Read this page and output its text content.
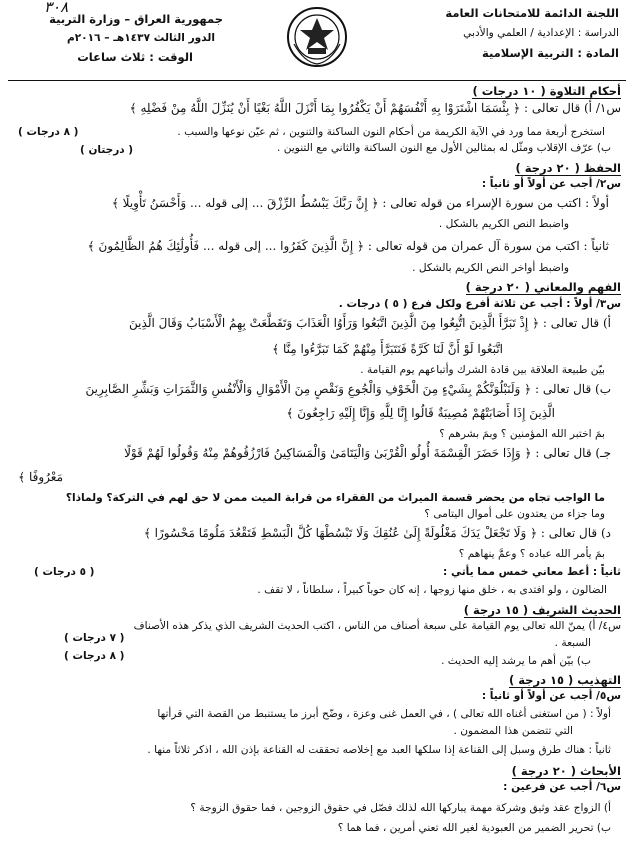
اللجنة الدائمة للامتحانات العامة
الدراسة : الإعدادية / العلمي والأدبي
المادة : التربية الإسلامية
جمهورية العراق – وزارة التربية
الدور الثالث ١٤٣٧هـ – ٢٠١٦م
الوقت : ثلاث ساعات
٣٠٨
أحكام التلاوة ( ١٠ درجات )
س١/ أ) قال تعالى : ﴿ بِئْسَمَا اشْتَرَوْا بِهِ أَنْفُسَهُمْ أَنْ يَكْفُرُوا بِمَا أَنْزَلَ اللَّهُ بَغْيًا أَنْ يُنَزِّلَ اللَّهُ مِنْ فَضْلِهِ ﴾
استخرج أربعة مما ورد في الآية الكريمة من أحكام النون الساكنة والتنوين ، ثم عيّن نوعها والسبب .
( ٨ درجات )
ب) عرّف الإقلاب ومثّل له بمثالين الأول مع النون الساكنة والثاني مع التنوين .
( درجتان )
الحفظ ( ٢٠ درجة )
س٢/ أجب عن أولاً أو ثانياً :
أولاً : اكتب من سورة الإسراء من قوله تعالى : ﴿ إِنَّ رَبَّكَ يَبْسُطُ الرِّزْقَ ... إلى قوله ... وَأَحْسَنُ تَأْوِيلًا ﴾
واضبط النص الكريم بالشكل .
ثانياً : اكتب من سورة آل عمران من قوله تعالى : ﴿ إِنَّ الَّذِينَ كَفَرُوا ... إلى قوله ... فَأُولَٰئِكَ هُمُ الظَّالِمُونَ ﴾
واضبط أواخر النص الكريم بالشكل .
الفهم والمعاني ( ٢٠ درجة )
س٣/ أولاً : أجب عن ثلاثة أفرع ولكل فرع ( ٥ ) درجات .
أ) قال تعالى : ﴿ إِذْ تَبَرَّأَ الَّذِينَ اتُّبِعُوا مِنَ الَّذِينَ اتَّبَعُوا وَرَأَوُا الْعَذَابَ وَتَقَطَّعَتْ بِهِمُ الْأَسْبَابُ وَقَالَ الَّذِينَ
اتَّبَعُوا لَوْ أَنَّ لَنَا كَرَّةً فَنَتَبَرَّأَ مِنْهُمْ كَمَا تَبَرَّءُوا مِنَّا ﴾
بيّن طبيعة العلاقة بين قادة الشرك وأتباعهم يوم القيامة .
ب) قال تعالى : ﴿ وَلَنَبْلُوَنَّكُمْ بِشَيْءٍ مِنَ الْخَوْفِ وَالْجُوعِ وَنَقْصٍ مِنَ الْأَمْوَالِ وَالْأَنْفُسِ وَالثَّمَرَاتِ وَبَشِّرِ الصَّابِرِينَ
الَّذِينَ إِذَا أَصَابَتْهُمْ مُصِيبَةٌ قَالُوا إِنَّا لِلَّهِ وَإِنَّا إِلَيْهِ رَاجِعُونَ ﴾
بمَ اختبر الله المؤمنين ؟ وبمَ بشرهم ؟
جـ) قال تعالى : ﴿ وَإِذَا حَضَرَ الْقِسْمَةَ أُولُو الْقُرْبَىٰ وَالْيَتَامَىٰ وَالْمَسَاكِينُ فَارْزُقُوهُمْ مِنْهُ وَقُولُوا لَهُمْ قَوْلًا
مَعْرُوفًا ﴾
ما الواجب تجاه من يحضر قسمة الميراث من الفقراء من قرابة الميت ممن لا حق لهم في التركة؟ ولماذا؟
وما جزاء من يعتدون على أموال اليتامى ؟
د) قال تعالى : ﴿ وَلَا تَجْعَلْ يَدَكَ مَغْلُولَةً إِلَىٰ عُنُقِكَ وَلَا تَبْسُطْهَا كُلَّ الْبَسْطِ فَتَقْعُدَ مَلُومًا مَحْسُورًا ﴾
بمَ يأمر الله عباده ؟ وعمَّ ينهاهم ؟
ثانياً : أعط معاني خمس مما يأتي :
( ٥ درجات )
الضالون ، ولو افتدى به ، خلق منها زوجها ، إنه كان حوباً كبيراً ، سلطاناً ، لا تقف .
الحديث الشريف ( ١٥ درجة )
س٤/ أ) يمنّ الله تعالى يوم القيامة على سبعة أصناف من الناس ، اكتب الحديث الشريف الذي يذكر هذه الأصناف
السبعة .
( ٧ درجات )
ب) بيّن أهم ما يرشد إليه الحديث .
( ٨ درجات )
التهذيب ( ١٥ درجة )
س٥/ أجب عن أولاً أو ثانياً :
أولاً : ( من استغنى أغناه الله تعالى ) ، في العمل غنى وعزة ، وضّح أبرز ما يستنبط من القصة التي قرأتها
التي تتضمن هذا المضمون .
ثانياً : هناك طرق وسبل إلى القناعة إذا سلكها العبد مع إخلاصه تحققت له القناعة بإذن الله ، اذكر ثلاثاً منها .
الأبحاث ( ٢٠ درجة )
س٦/ أجب عن فرعين :
أ) الزواج عقد وثيق وشركة مهمة يباركها الله لذلك فصّل في حقوق الزوجين ، فما حقوق الزوجة ؟
ب) تحرير الضمير من العبودية لغير الله تعني أمرين ، فما هما ؟
